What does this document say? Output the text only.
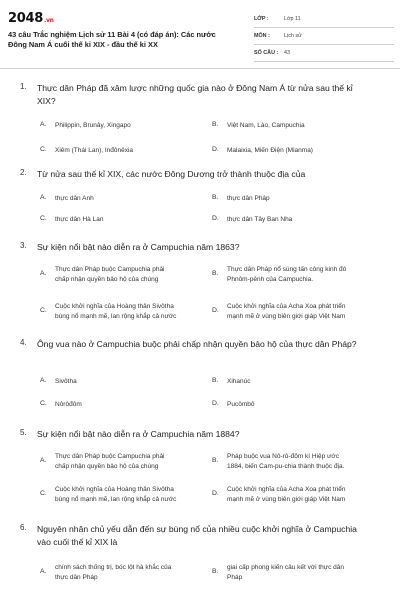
2048.vn
43 câu Trắc nghiệm Lịch sử 11 Bài 4 (có đáp án): Các nước Đông Nam Á cuối thế kỉ XIX - đầu thế kỉ XX
LỚP :	Lớp 11
MÔN :	Lịch sử
SỐ CÂU : 43
1. Thực dân Pháp đã xâm lược những quốc gia nào ở Đông Nam Á từ nửa sau thế kỉ XIX?
A. Philippin, Brunây, Xingapo	B. Việt Nam, Lào, Campuchia
C. Xiêm (Thái Lan), Inđônêxia	D. Malaixia, Miến Điện (Mianma)
2. Từ nửa sau thế kỉ XIX, các nước Đông Dương trở thành thuộc địa của
A. thực dân Anh	B. thực dân Pháp
C. thực dân Hà Lan	D. thực dân Tây Ban Nha
3. Sự kiện nổi bật nào diễn ra ở Campuchia năm 1863?
A.
Thực dân Pháp buộc Campuchia phải
chấp nhận quyền bảo hộ của chúng
B.
Thực dân Pháp nổ súng tấn công kinh đô
Phnôm-pênh của Campuchia.
C.
Cuộc khởi nghĩa của Hoàng thân Sivôtha
bùng nổ mạnh mẽ, lan rộng khắp cả nước
D.
Cuộc khởi nghĩa của Acha Xoa phát triển
mạnh mẽ ở vùng biên giới giáp Việt Nam
4. Ông vua nào ở Campuchia buộc phải chấp nhận quyền bảo hộ của thực dân Pháp?
A. Sivôtha	B. Xihanúc
C. Nôrôđôm	D. Pucômbô
5. Sự kiện nổi bật nào diễn ra ở Campuchia năm 1884?
A.
Thực dân Pháp buộc Campuchia phải
chấp nhận quyền bảo hộ của chúng
B.
Pháp buộc vua Nô-rô-đôm kí Hiệp ước
1884, biến Cam-pu-chia thành thuộc địa.
C.
Cuộc khởi nghĩa của Hoàng thân Sivôtha
bùng nổ mạnh mẽ, lan rộng khắp cả nước
D.
Cuộc khởi nghĩa của Acha Xoa phát triển
mạnh mẽ ở vùng biên giới giáp Việt Nam
6. Nguyên nhân chủ yếu dẫn đến sự bùng nổ của nhiều cuộc khởi nghĩa ở Campuchia vào cuối thế kỉ XIX là
A.
chính sách thống trị, bóc lột hà khắc của
thực dân Pháp
B.
giai cấp phong kiến câu kết với thực dân
Pháp
